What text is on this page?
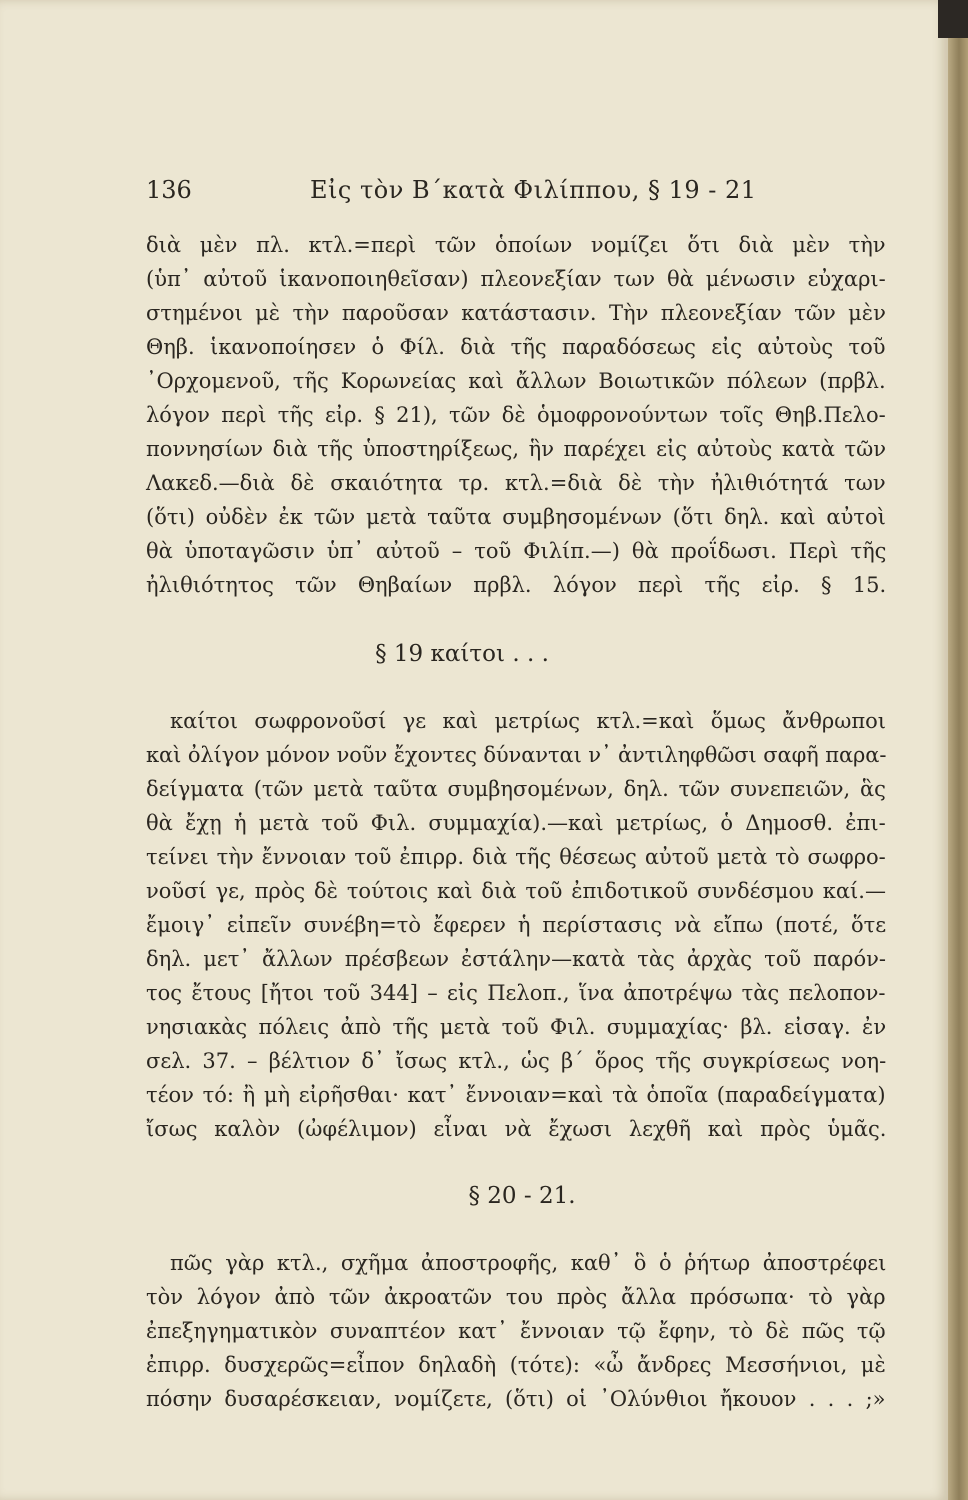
136	Εἰς τὸν Β΄κατὰ Φιλίππου, § 19 - 21
διὰ μὲν πλ. κτλ.=περὶ τῶν ὁποίων νομίζει ὅτι διὰ μὲν τὴν
(ὑπ᾽ αὐτοῦ ἱκανοποιηθεῖσαν) πλεονεξίαν των θὰ μένωσιν εὐχαρι-
στημένοι μὲ τὴν παροῦσαν κατάστασιν. Τὴν πλεονεξίαν τῶν μὲν
Θηβ. ἱκανοποίησεν ὁ Φίλ. διὰ τῆς παραδόσεως εἰς αὐτοὺς τοῦ
᾽Ορχομενοῦ, τῆς Κορωνείας καὶ ἄλλων Βοιωτικῶν πόλεων (πρβλ.
λόγον περὶ τῆς εἰρ. § 21), τῶν δὲ ὁμοφρονούντων τοῖς Θηβ.Πελο-
ποννησίων διὰ τῆς ὑποστηρίξεως, ἣν παρέχει εἰς αὐτοὺς κατὰ τῶν
Λακεδ.—διὰ δὲ σκαιότητα τρ. κτλ.=διὰ δὲ τὴν ἠλιθιότητά των
(ὅτι) οὐδὲν ἐκ τῶν μετὰ ταῦτα συμβησομένων (ὅτι δηλ. καὶ αὐτοὶ
θὰ ὑποταγῶσιν ὑπ᾽ αὐτοῦ – τοῦ Φιλίπ.—) θὰ προΐδωσι. Περὶ τῆς
ἠλιθιότητος τῶν Θηβαίων πρβλ. λόγον περὶ τῆς εἰρ. § 15.
§ 19 καίτοι . . .
καίτοι σωφρονοῦσί γε καὶ μετρίως κτλ.=καὶ ὅμως ἄνθρωποι
καὶ ὀλίγον μόνον νοῦν ἔχοντες δύνανται ν᾽ ἀντιληφθῶσι σαφῆ παρα-
δείγματα (τῶν μετὰ ταῦτα συμβησομένων, δηλ. τῶν συνεπειῶν, ἃς
θὰ ἔχῃ ἡ μετὰ τοῦ Φιλ. συμμαχία).—καὶ μετρίως, ὁ Δημοσθ. ἐπι-
τείνει τὴν ἔννοιαν τοῦ ἐπιρρ. διὰ τῆς θέσεως αὐτοῦ μετὰ τὸ σωφρο-
νοῦσί γε, πρὸς δὲ τούτοις καὶ διὰ τοῦ ἐπιδοτικοῦ συνδέσμου καί.—
ἔμοιγ᾽ εἰπεῖν συνέβη=τὸ ἔφερεν ἡ περίστασις νὰ εἴπω (ποτέ, ὅτε
δηλ. μετ᾽ ἄλλων πρέσβεων ἐστάλην—κατὰ τὰς ἀρχὰς τοῦ παρόν-
τος ἔτους [ἤτοι τοῦ 344] – εἰς Πελοπ., ἵνα ἀποτρέψω τὰς πελοπον-
νησιακὰς πόλεις ἀπὸ τῆς μετὰ τοῦ Φιλ. συμμαχίας· βλ. εἰσαγ. ἐν
σελ. 37. – βέλτιον δ᾽ ἴσως κτλ., ὡς β΄ ὅρος τῆς συγκρίσεως νοη-
τέον τό: ἢ μὴ εἰρῆσθαι· κατ᾽ ἔννοιαν=καὶ τὰ ὁποῖα (παραδείγματα)
ἴσως καλὸν (ὠφέλιμον) εἶναι νὰ ἔχωσι λεχθῆ καὶ πρὸς ὑμᾶς.
§ 20 - 21.
πῶς γὰρ κτλ., σχῆμα ἀποστροφῆς, καθ᾽ ὃ ὁ ῥήτωρ ἀποστρέφει
τὸν λόγον ἀπὸ τῶν ἀκροατῶν του πρὸς ἄλλα πρόσωπα· τὸ γὰρ
ἐπεξηγηματικὸν συναπτέον κατ᾽ ἔννοιαν τῷ ἔφην, τὸ δὲ πῶς τῷ
ἐπιρρ. δυσχερῶς=εἶπον δηλαδὴ (τότε): «ὦ ἄνδρες Μεσσήνιοι, μὲ
πόσην δυσαρέσκειαν, νομίζετε, (ὅτι) οἱ ᾽Ολύνθιοι ἤκουον . . . ;»
